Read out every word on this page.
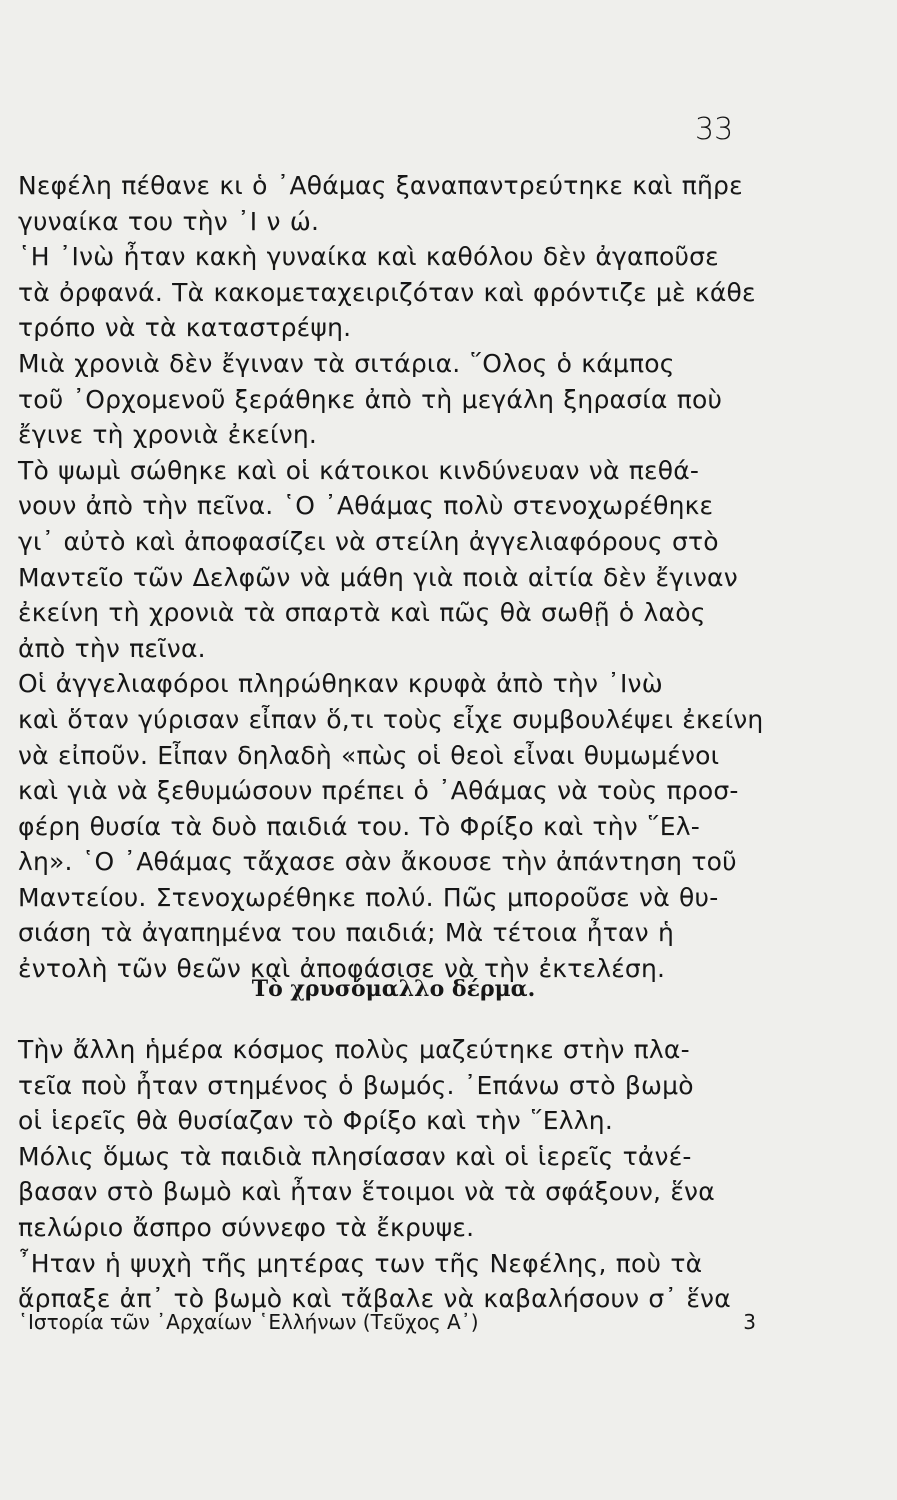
33
Νεφέλη πέθανε κι ὁ ᾿Αθάμας ξαναπαντρεύτηκε καὶ πῆρε
γυναίκα του τὴν ᾿Ι ν ώ.
῾Η ᾿Ινὼ ἦταν κακὴ γυναίκα καὶ καθόλου δὲν ἀγαποῦσε
τὰ ὀρφανά. Τὰ κακομεταχειριζόταν καὶ φρόντιζε μὲ κάθε
τρόπο νὰ τὰ καταστρέψη.
Μιὰ χρονιὰ δὲν ἔγιναν τὰ σιτάρια. ῞Ολος ὁ κάμπος
τοῦ ᾿Ορχομενοῦ ξεράθηκε ἀπὸ τὴ μεγάλη ξηρασία ποὺ
ἔγινε τὴ χρονιὰ ἐκείνη.
Τὸ ψωμὶ σώθηκε καὶ οἱ κάτοικοι κινδύνευαν νὰ πεθά-
νουν ἀπὸ τὴν πεῖνα. ῾Ο ᾿Αθάμας πολὺ στενοχωρέθηκε
γι᾿ αὐτὸ καὶ ἀποφασίζει νὰ στείλη ἀγγελιαφόρους στὸ
Μαντεῖο τῶν Δελφῶν νὰ μάθη γιὰ ποιὰ αἰτία δὲν ἔγιναν
ἐκείνη τὴ χρονιὰ τὰ σπαρτὰ καὶ πῶς θὰ σωθῇ ὁ λαὸς
ἀπὸ τὴν πεῖνα.
Οἱ ἀγγελιαφόροι πληρώθηκαν κρυφὰ ἀπὸ τὴν ᾿Ινὼ
καὶ ὅταν γύρισαν εἶπαν ὅ,τι τοὺς εἶχε συμβουλέψει ἐκείνη
νὰ εἰποῦν. Εἶπαν δηλαδὴ «πὼς οἱ θεοὶ εἶναι θυμωμένοι
καὶ γιὰ νὰ ξεθυμώσουν πρέπει ὁ ᾿Αθάμας νὰ τοὺς προσ-
φέρη θυσία τὰ δυὸ παιδιά του. Τὸ Φρίξο καὶ τὴν ῞Ελ-
λη». ῾Ο ᾿Αθάμας τἄχασε σὰν ἄκουσε τὴν ἀπάντηση τοῦ
Μαντείου. Στενοχωρέθηκε πολύ. Πῶς μποροῦσε νὰ θυ-
σιάση τὰ ἀγαπημένα του παιδιά; Μὰ τέτοια ἦταν ἡ
ἐντολὴ τῶν θεῶν καὶ ἀποφάσισε νὰ τὴν ἐκτελέση.
Τὸ χρυσόμαλλο δέρμα.
Τὴν ἄλλη ἡμέρα κόσμος πολὺς μαζεύτηκε στὴν πλα-
τεῖα ποὺ ἦταν στημένος ὁ βωμός. ᾿Επάνω στὸ βωμὸ
οἱ ἱερεῖς θὰ θυσίαζαν τὸ Φρίξο καὶ τὴν ῞Ελλη.
Μόλις ὅμως τὰ παιδιὰ πλησίασαν καὶ οἱ ἱερεῖς τἀνέ-
βασαν στὸ βωμὸ καὶ ἦταν ἕτοιμοι νὰ τὰ σφάξουν, ἕνα
πελώριο ἄσπρο σύννεφο τὰ ἔκρυψε.
῏Ηταν ἡ ψυχὴ τῆς μητέρας των τῆς Νεφέλης, ποὺ τὰ
ἅρπαξε ἀπ᾿ τὸ βωμὸ καὶ τἄβαλε νὰ καβαλήσουν σ᾿ ἕνα
῾Ιστορία τῶν ᾿Αρχαίων ῾Ελλήνων (Τεῦχος Α᾿)	3
